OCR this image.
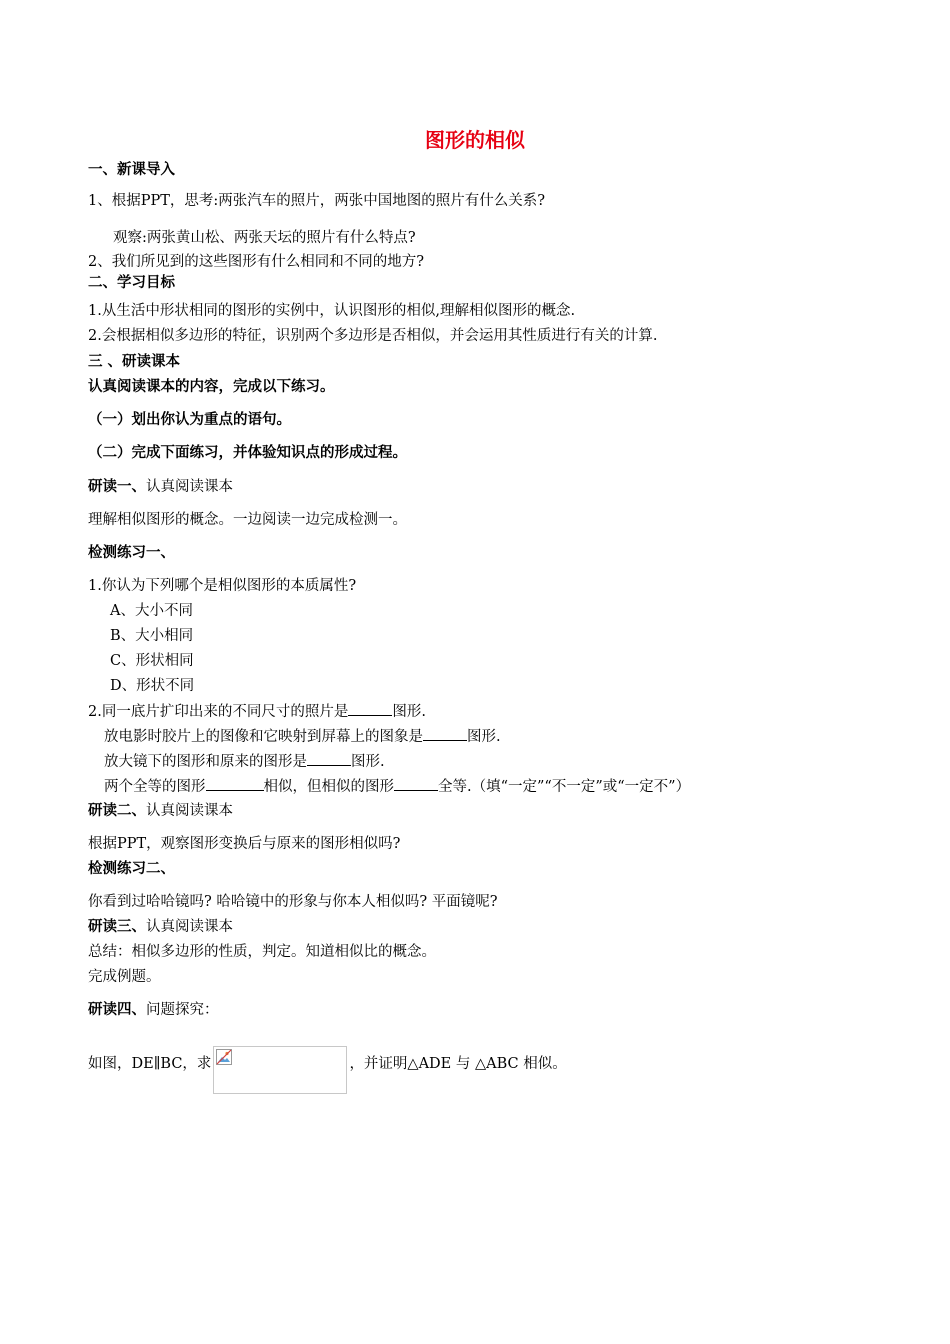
图形的相似
一、新课导入
1、根据PPT，思考:两张汽车的照片，两张中国地图的照片有什么关系?
观察:两张黄山松、两张天坛的照片有什么特点?
2、我们所见到的这些图形有什么相同和不同的地方?
二、学习目标
1.从生活中形状相同的图形的实例中，认识图形的相似,理解相似图形的概念.
2.会根据相似多边形的特征，识别两个多边形是否相似，并会运用其性质进行有关的计算.
三 、研读课本
认真阅读课本的内容，完成以下练习。
（一）划出你认为重点的语句。
（二）完成下面练习，并体验知识点的形成过程。
研读一、认真阅读课本
理解相似图形的概念。一边阅读一边完成检测一。
检测练习一、
1.你认为下列哪个是相似图形的本质属性?
A、大小不同
B、大小相同
C、形状相同
D、形状不同
2.同一底片扩印出来的不同尺寸的照片是	图形.
放电影时胶片上的图像和它映射到屏幕上的图象是	图形.
放大镜下的图形和原来的图形是	图形.
两个全等的图形	相似，但相似的图形	全等.（填“一定”“不一定”或“一定不”）
研读二、认真阅读课本
根据PPT，观察图形变换后与原来的图形相似吗?
检测练习二、
你看到过哈哈镜吗? 哈哈镜中的形象与你本人相似吗? 平面镜呢?
研读三、认真阅读课本
总结：相似多边形的性质，判定。知道相似比的概念。
完成例题。
研读四、问题探究：
如图，DE∥BC，求	，并证明△ADE 与 △ABC 相似。
